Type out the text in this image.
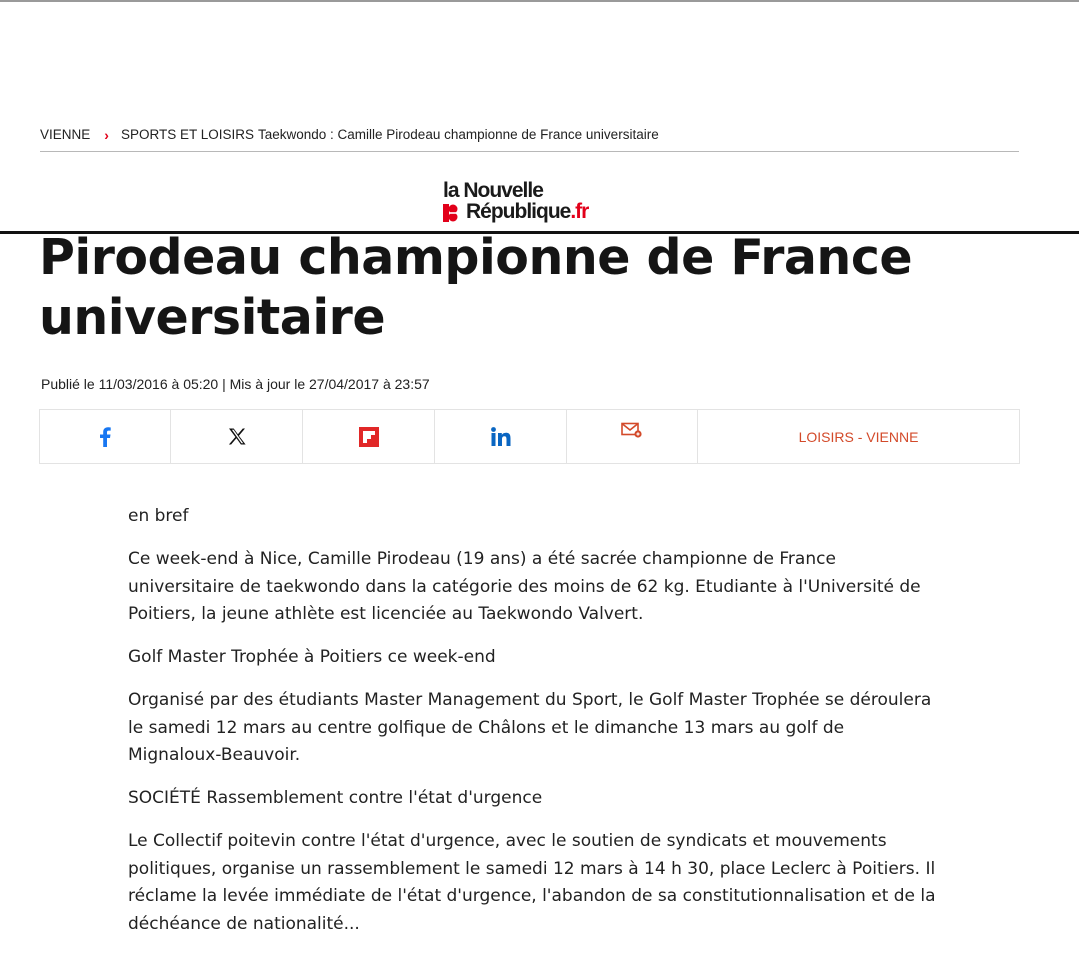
VIENNE › SPORTS ET LOISIRS Taekwondo : Camille Pirodeau championne de France universitaire
la Nouvelle
République.fr
Pirodeau championne de France universitaire
Publié le 11/03/2016 à 05:20 | Mis à jour le 27/04/2017 à 23:57
LOISIRS - VIENNE

en bref

Ce week-end à Nice, Camille Pirodeau (19 ans) a été sacrée championne de France universitaire de taekwondo dans la catégorie des moins de 62 kg. Etudiante à l'Université de Poitiers, la jeune athlète est licenciée au Taekwondo Valvert.

Golf Master Trophée à Poitiers ce week-end

Organisé par des étudiants Master Management du Sport, le Golf Master Trophée se déroulera le samedi 12 mars au centre golfique de Châlons et le dimanche 13 mars au golf de Mignaloux-Beauvoir.

SOCIÉTÉ Rassemblement contre l'état d'urgence

Le Collectif poitevin contre l'état d'urgence, avec le soutien de syndicats et mouvements politiques, organise un rassemblement le samedi 12 mars à 14 h 30, place Leclerc à Poitiers. Il réclame la levée immédiate de l'état d'urgence, l'abandon de sa constitutionnalisation et de la déchéance de nationalité...
